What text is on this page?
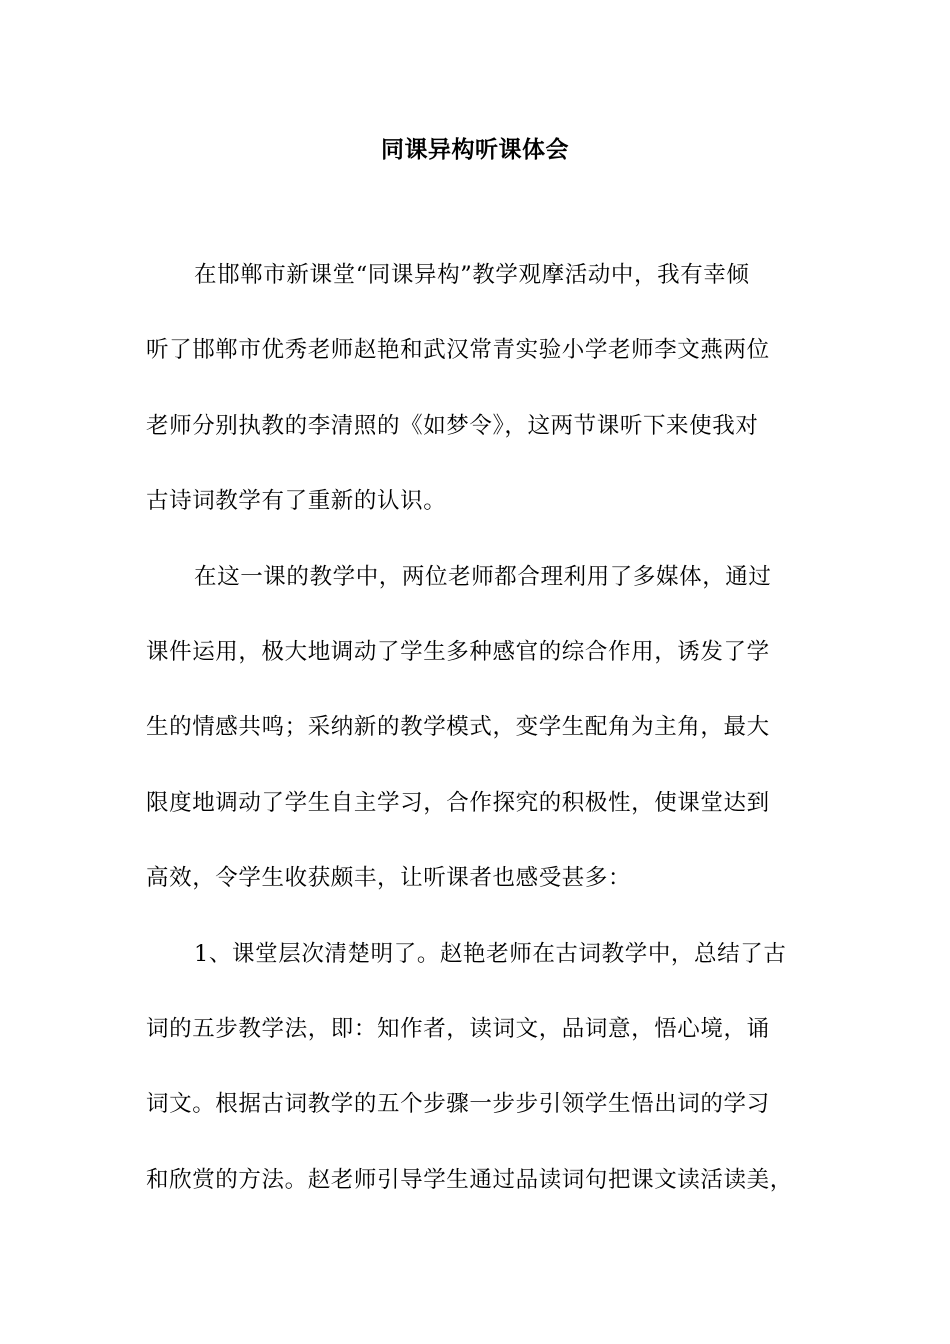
同课异构听课体会
在邯郸市新课堂“同课异构”教学观摩活动中，我有幸倾
听了邯郸市优秀老师赵艳和武汉常青实验小学老师李文燕两位
老师分别执教的李清照的《如梦令》，这两节课听下来使我对
古诗词教学有了重新的认识。
在这一课的教学中，两位老师都合理利用了多媒体，通过
课件运用，极大地调动了学生多种感官的综合作用，诱发了学
生的情感共鸣；采纳新的教学模式，变学生配角为主角，最大
限度地调动了学生自主学习，合作探究的积极性，使课堂达到
高效，令学生收获颇丰，让听课者也感受甚多：
1、课堂层次清楚明了。赵艳老师在古词教学中，总结了古
词的五步教学法，即：知作者，读词文，品词意，悟心境，诵
词文。根据古词教学的五个步骤一步步引领学生悟出词的学习
和欣赏的方法。赵老师引导学生通过品读词句把课文读活读美，
